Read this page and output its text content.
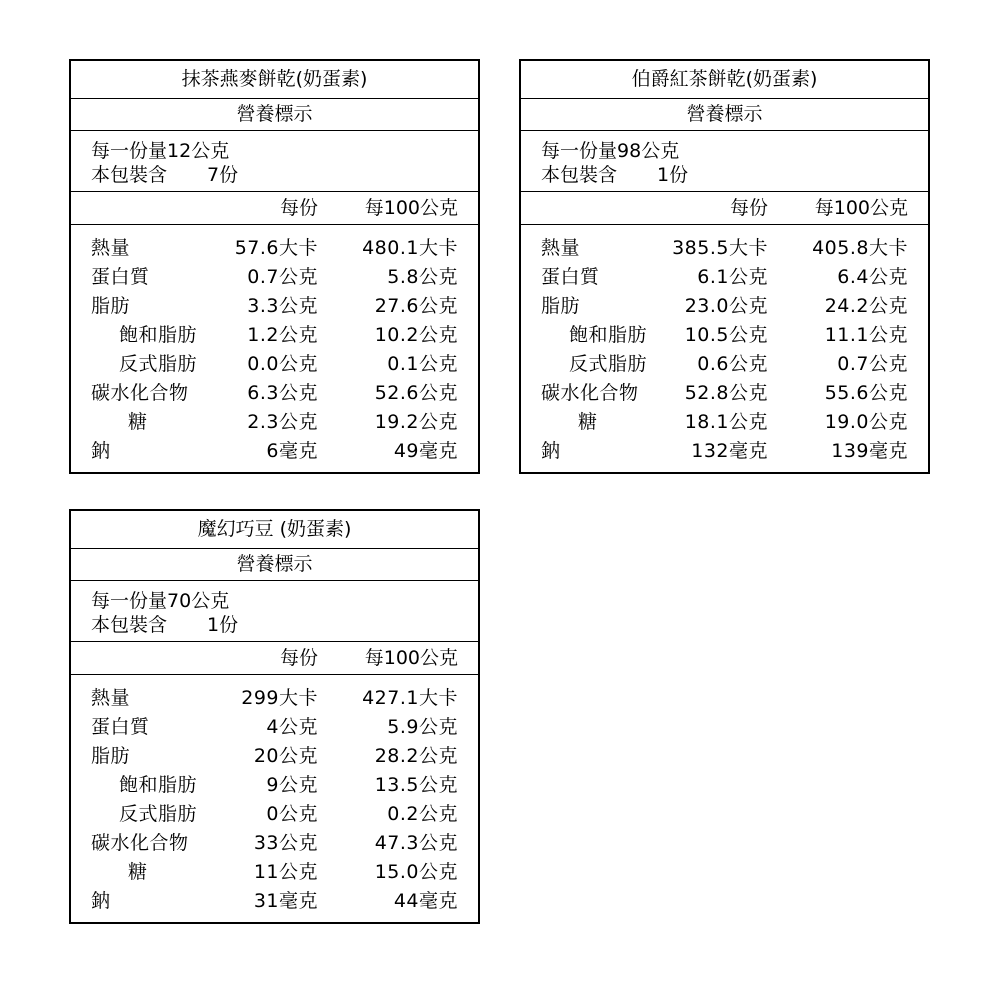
抹茶燕麥餅乾(奶蛋素)
營養標示
每一份量 12公克
本包裝含	7份
每份 每100公克
熱量	57.6大卡 480.1大卡
蛋白質	0.7公克	5.8公克
脂肪	3.3公克	27.6公克
飽和脂肪	1.2公克	10.2公克
反式脂肪	0.0公克	0.1公克
碳水化合物	6.3公克	52.6公克
糖	2.3公克	19.2公克
鈉	6毫克	49毫克
伯爵紅茶餅乾(奶蛋素)
營養標示
每一份量 98公克
本包裝含	1份
每份 每100公克
熱量	385.5大卡 405.8大卡
蛋白質	6.1公克	6.4公克
脂肪	23.0公克	24.2公克
飽和脂肪 10.5公克	11.1公克
反式脂肪	0.6公克	0.7公克
碳水化合物 52.8公克	55.6公克
糖	18.1公克	19.0公克
鈉	132毫克	139毫克
魔幻巧豆 (奶蛋素)
營養標示
每一份量 70公克
本包裝含	1份
每份 每100公克
熱量	299大卡 427.1大卡
蛋白質	4公克	5.9公克
脂肪	20公克	28.2公克
飽和脂肪	9公克	13.5公克
反式脂肪	0公克	0.2公克
碳水化合物	33公克	47.3公克
糖	11公克	15.0公克
鈉	31毫克	44毫克
